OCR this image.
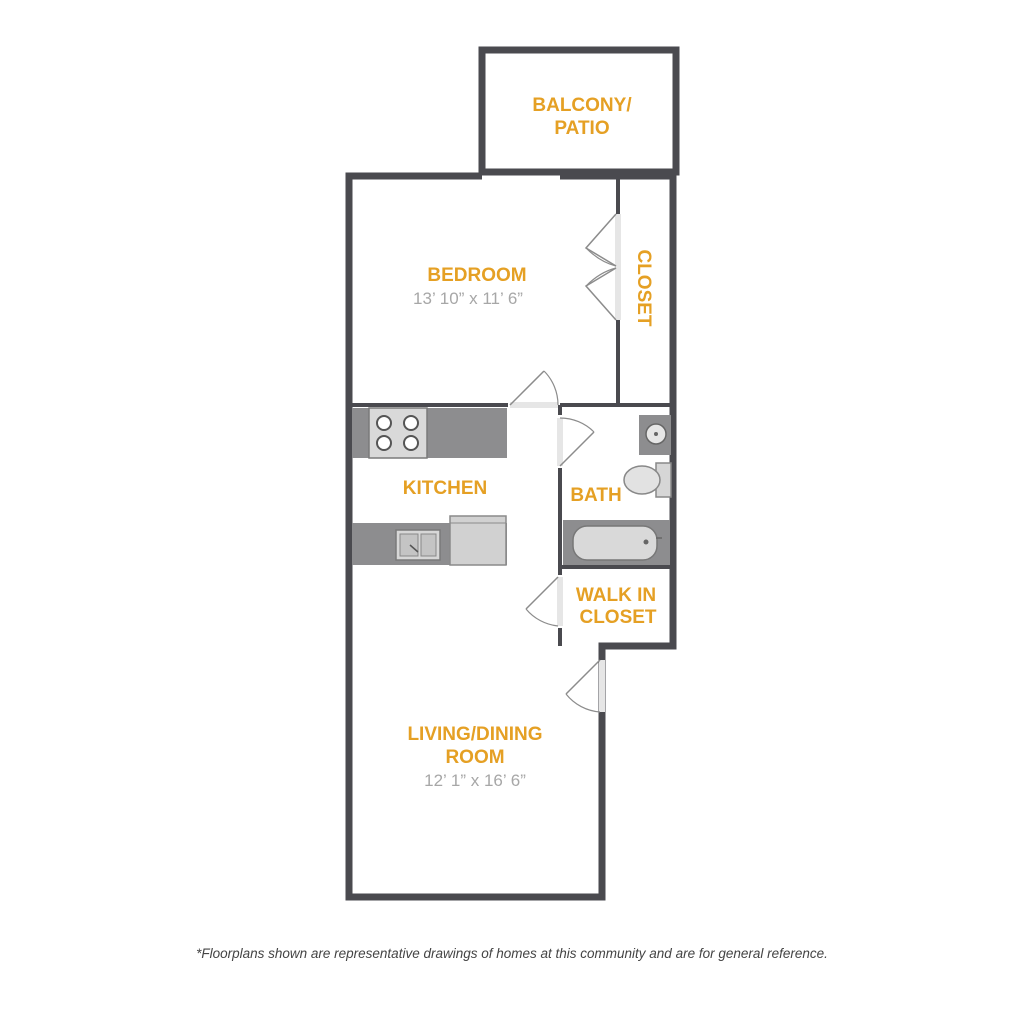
BALCONY/
PATIO
BEDROOM
13’ 10” x 11’ 6”	CLOSET
KITCHEN	BATH
WALK IN
CLOSET
LIVING/DINING
ROOM
12’ 1” x 16’ 6”
*Floorplans shown are representative drawings of homes at this community and are for general reference.
